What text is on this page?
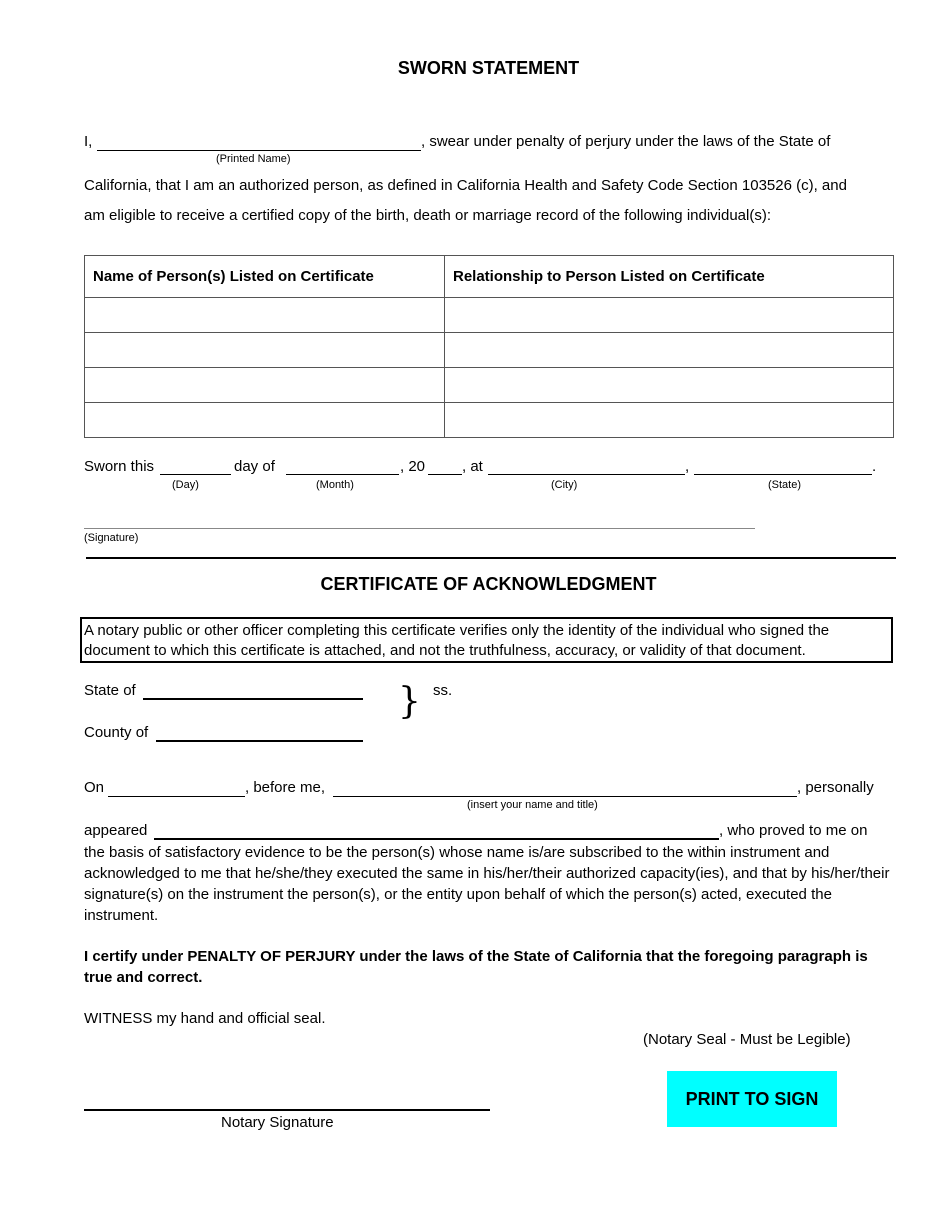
SWORN STATEMENT
I,	, swear under penalty of perjury under the laws of the State of
(Printed Name)
California, that I am an authorized person, as defined in California Health and Safety Code Section 103526 (c), and
am eligible to receive a certified copy of the birth, death or marriage record of the following individual(s):
Name of Person(s) Listed on Certificate	Relationship to Person Listed on Certificate

Sworn this	day of	, 20 , at	,	.
(Day)	(Month)	(City)	(State)
(Signature)
CERTIFICATE OF ACKNOWLEDGMENT
A notary public or other officer completing this certificate verifies only the identity of the individual who signed the document to which this certificate is attached, and not the truthfulness, accuracy, or validity of that document.
State of	} ss.
County of
On	, before me,	, personally
(insert your name and title)
appeared	, who proved to me on
the basis of satisfactory evidence to be the person(s) whose name is/are subscribed to the within instrument and acknowledged to me that he/she/they executed the same in his/her/their authorized capacity(ies), and that by his/her/their signature(s) on the instrument the person(s), or the entity upon behalf of which the person(s) acted, executed the instrument.
I certify under PENALTY OF PERJURY under the laws of the State of California that the foregoing paragraph is true and correct.
WITNESS my hand and official seal.
(Notary Seal - Must be Legible)
PRINT TO SIGN
Notary Signature
